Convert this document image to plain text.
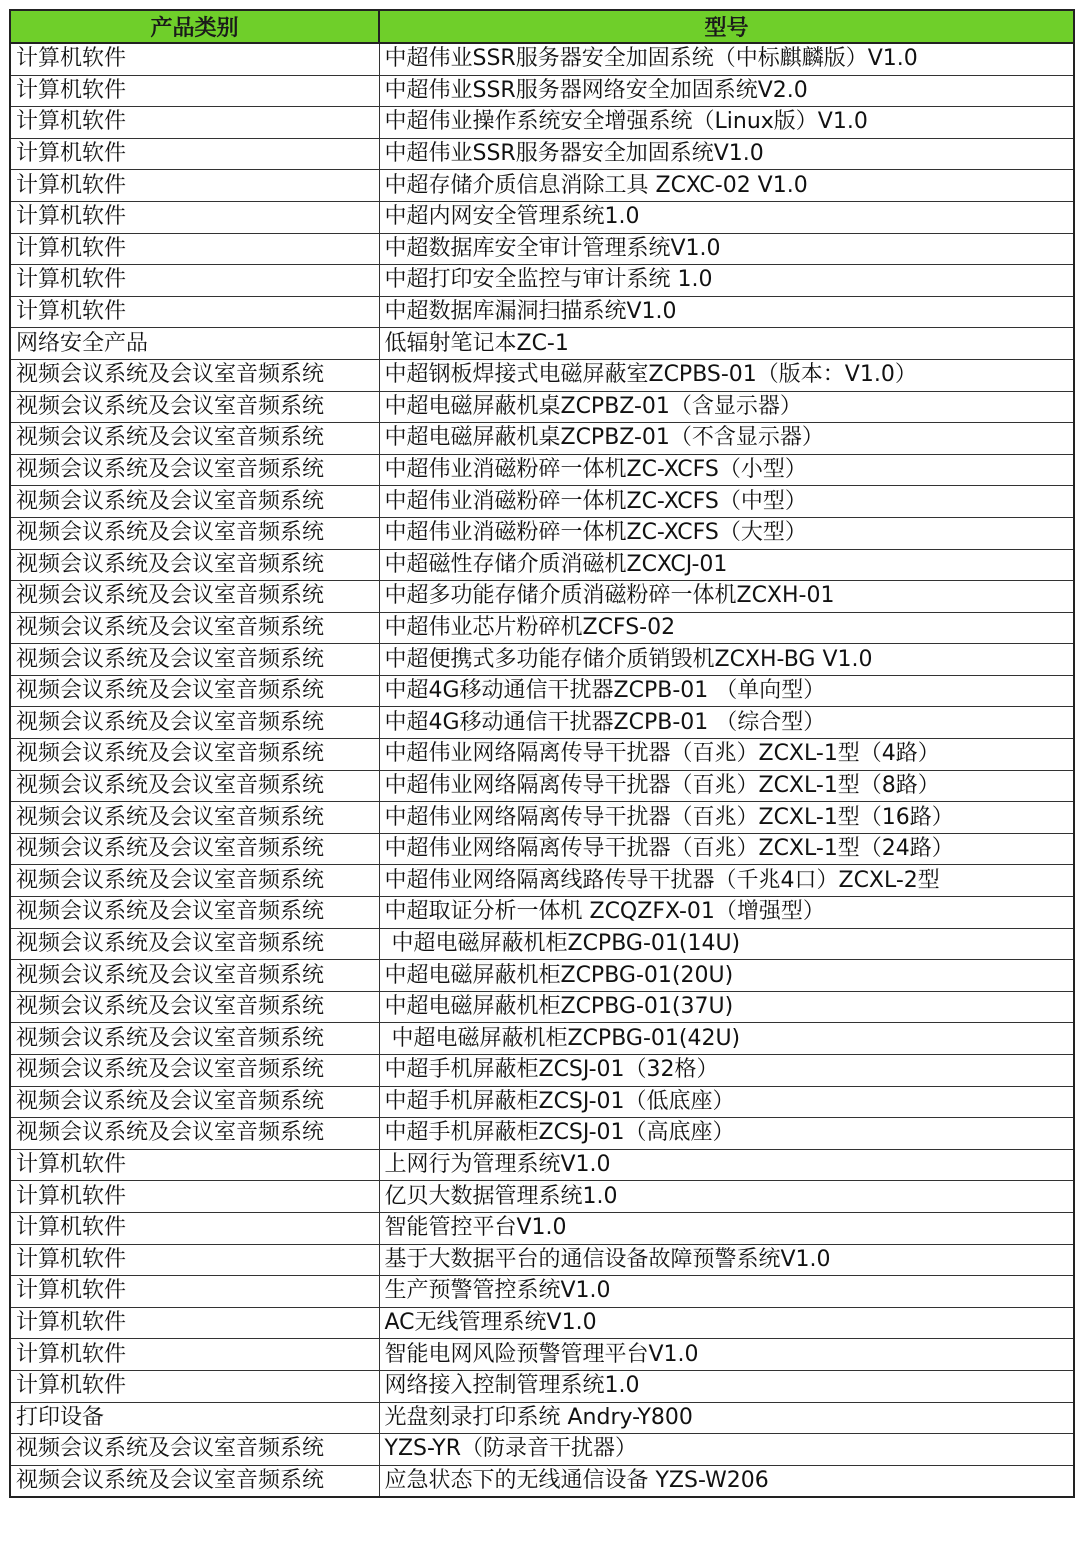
产品类别	型号
计算机软件	中超伟业SSR服务器安全加固系统（中标麒麟版）V1.0
计算机软件	中超伟业SSR服务器网络安全加固系统V2.0
计算机软件	中超伟业操作系统安全增强系统（Linux版）V1.0
计算机软件	中超伟业SSR服务器安全加固系统V1.0
计算机软件	中超存储介质信息消除工具 ZCXC-02 V1.0
计算机软件	中超内网安全管理系统1.0
计算机软件	中超数据库安全审计管理系统V1.0
计算机软件	中超打印安全监控与审计系统 1.0
计算机软件	中超数据库漏洞扫描系统V1.0
网络安全产品	低辐射笔记本ZC-1
视频会议系统及会议室音频系统	中超钢板焊接式电磁屏蔽室ZCPBS-01（版本：V1.0）
视频会议系统及会议室音频系统	中超电磁屏蔽机桌ZCPBZ-01（含显示器）
视频会议系统及会议室音频系统	中超电磁屏蔽机桌ZCPBZ-01（不含显示器）
视频会议系统及会议室音频系统	中超伟业消磁粉碎一体机ZC-XCFS（小型）
视频会议系统及会议室音频系统	中超伟业消磁粉碎一体机ZC-XCFS（中型）
视频会议系统及会议室音频系统	中超伟业消磁粉碎一体机ZC-XCFS（大型）
视频会议系统及会议室音频系统	中超磁性存储介质消磁机ZCXCJ-01
视频会议系统及会议室音频系统	中超多功能存储介质消磁粉碎一体机ZCXH-01
视频会议系统及会议室音频系统	中超伟业芯片粉碎机ZCFS-02
视频会议系统及会议室音频系统	中超便携式多功能存储介质销毁机ZCXH-BG V1.0
视频会议系统及会议室音频系统	中超4G移动通信干扰器ZCPB-01 （单向型）
视频会议系统及会议室音频系统	中超4G移动通信干扰器ZCPB-01 （综合型）
视频会议系统及会议室音频系统	中超伟业网络隔离传导干扰器（百兆）ZCXL-1型（4路）
视频会议系统及会议室音频系统	中超伟业网络隔离传导干扰器（百兆）ZCXL-1型（8路）
视频会议系统及会议室音频系统	中超伟业网络隔离传导干扰器（百兆）ZCXL-1型（16路）
视频会议系统及会议室音频系统	中超伟业网络隔离传导干扰器（百兆）ZCXL-1型（24路）
视频会议系统及会议室音频系统	中超伟业网络隔离线路传导干扰器（千兆4口）ZCXL-2型
视频会议系统及会议室音频系统	中超取证分析一体机 ZCQZFX-01（增强型）
视频会议系统及会议室音频系统	中超电磁屏蔽机柜ZCPBG-01(14U)
视频会议系统及会议室音频系统	中超电磁屏蔽机柜ZCPBG-01(20U)
视频会议系统及会议室音频系统	中超电磁屏蔽机柜ZCPBG-01(37U)
视频会议系统及会议室音频系统	中超电磁屏蔽机柜ZCPBG-01(42U)
视频会议系统及会议室音频系统	中超手机屏蔽柜ZCSJ-01（32格）
视频会议系统及会议室音频系统	中超手机屏蔽柜ZCSJ-01（低底座）
视频会议系统及会议室音频系统	中超手机屏蔽柜ZCSJ-01（高底座）
计算机软件	上网行为管理系统V1.0
计算机软件	亿贝大数据管理系统1.0
计算机软件	智能管控平台V1.0
计算机软件	基于大数据平台的通信设备故障预警系统V1.0
计算机软件	生产预警管控系统V1.0
计算机软件	AC无线管理系统V1.0
计算机软件	智能电网风险预警管理平台V1.0
计算机软件	网络接入控制管理系统1.0
打印设备	光盘刻录打印系统 Andry-Y800
视频会议系统及会议室音频系统	YZS-YR（防录音干扰器）
视频会议系统及会议室音频系统	应急状态下的无线通信设备 YZS-W206
